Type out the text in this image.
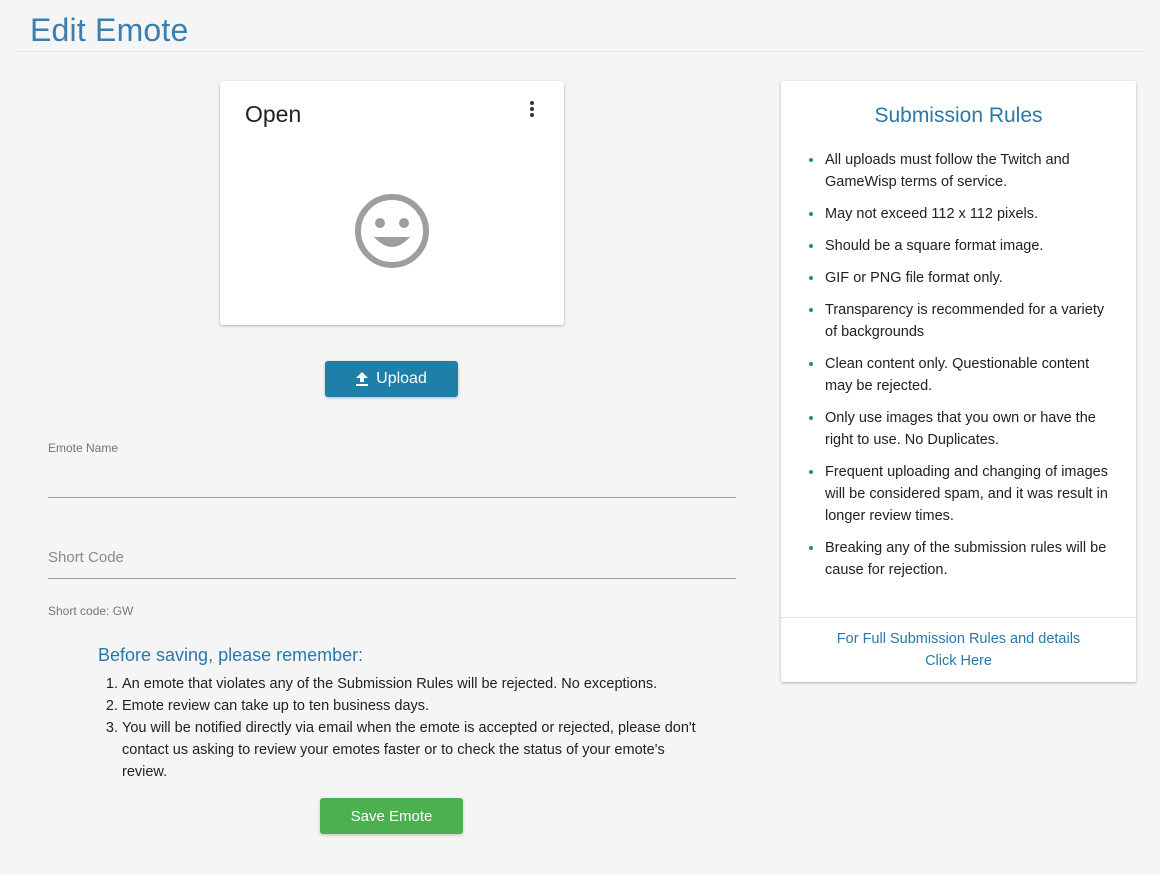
Edit Emote
Open
Upload
Emote Name
Short Code
Short code: GW
Before saving, please remember:
1. An emote that violates any of the Submission Rules will be rejected. No exceptions.
2. Emote review can take up to ten business days.
3. You will be notified directly via email when the emote is accepted or rejected, please don't contact us asking to review your emotes faster or to check the status of your emote's review.
Save Emote
Submission Rules
All uploads must follow the Twitch and GameWisp terms of service.
May not exceed 112 x 112 pixels.
Should be a square format image.
GIF or PNG file format only.
Transparency is recommended for a variety of backgrounds
Clean content only. Questionable content may be rejected.
Only use images that you own or have the right to use. No Duplicates.
Frequent uploading and changing of images will be considered spam, and it was result in longer review times.
Breaking any of the submission rules will be cause for rejection.
For Full Submission Rules and details
Click Here
